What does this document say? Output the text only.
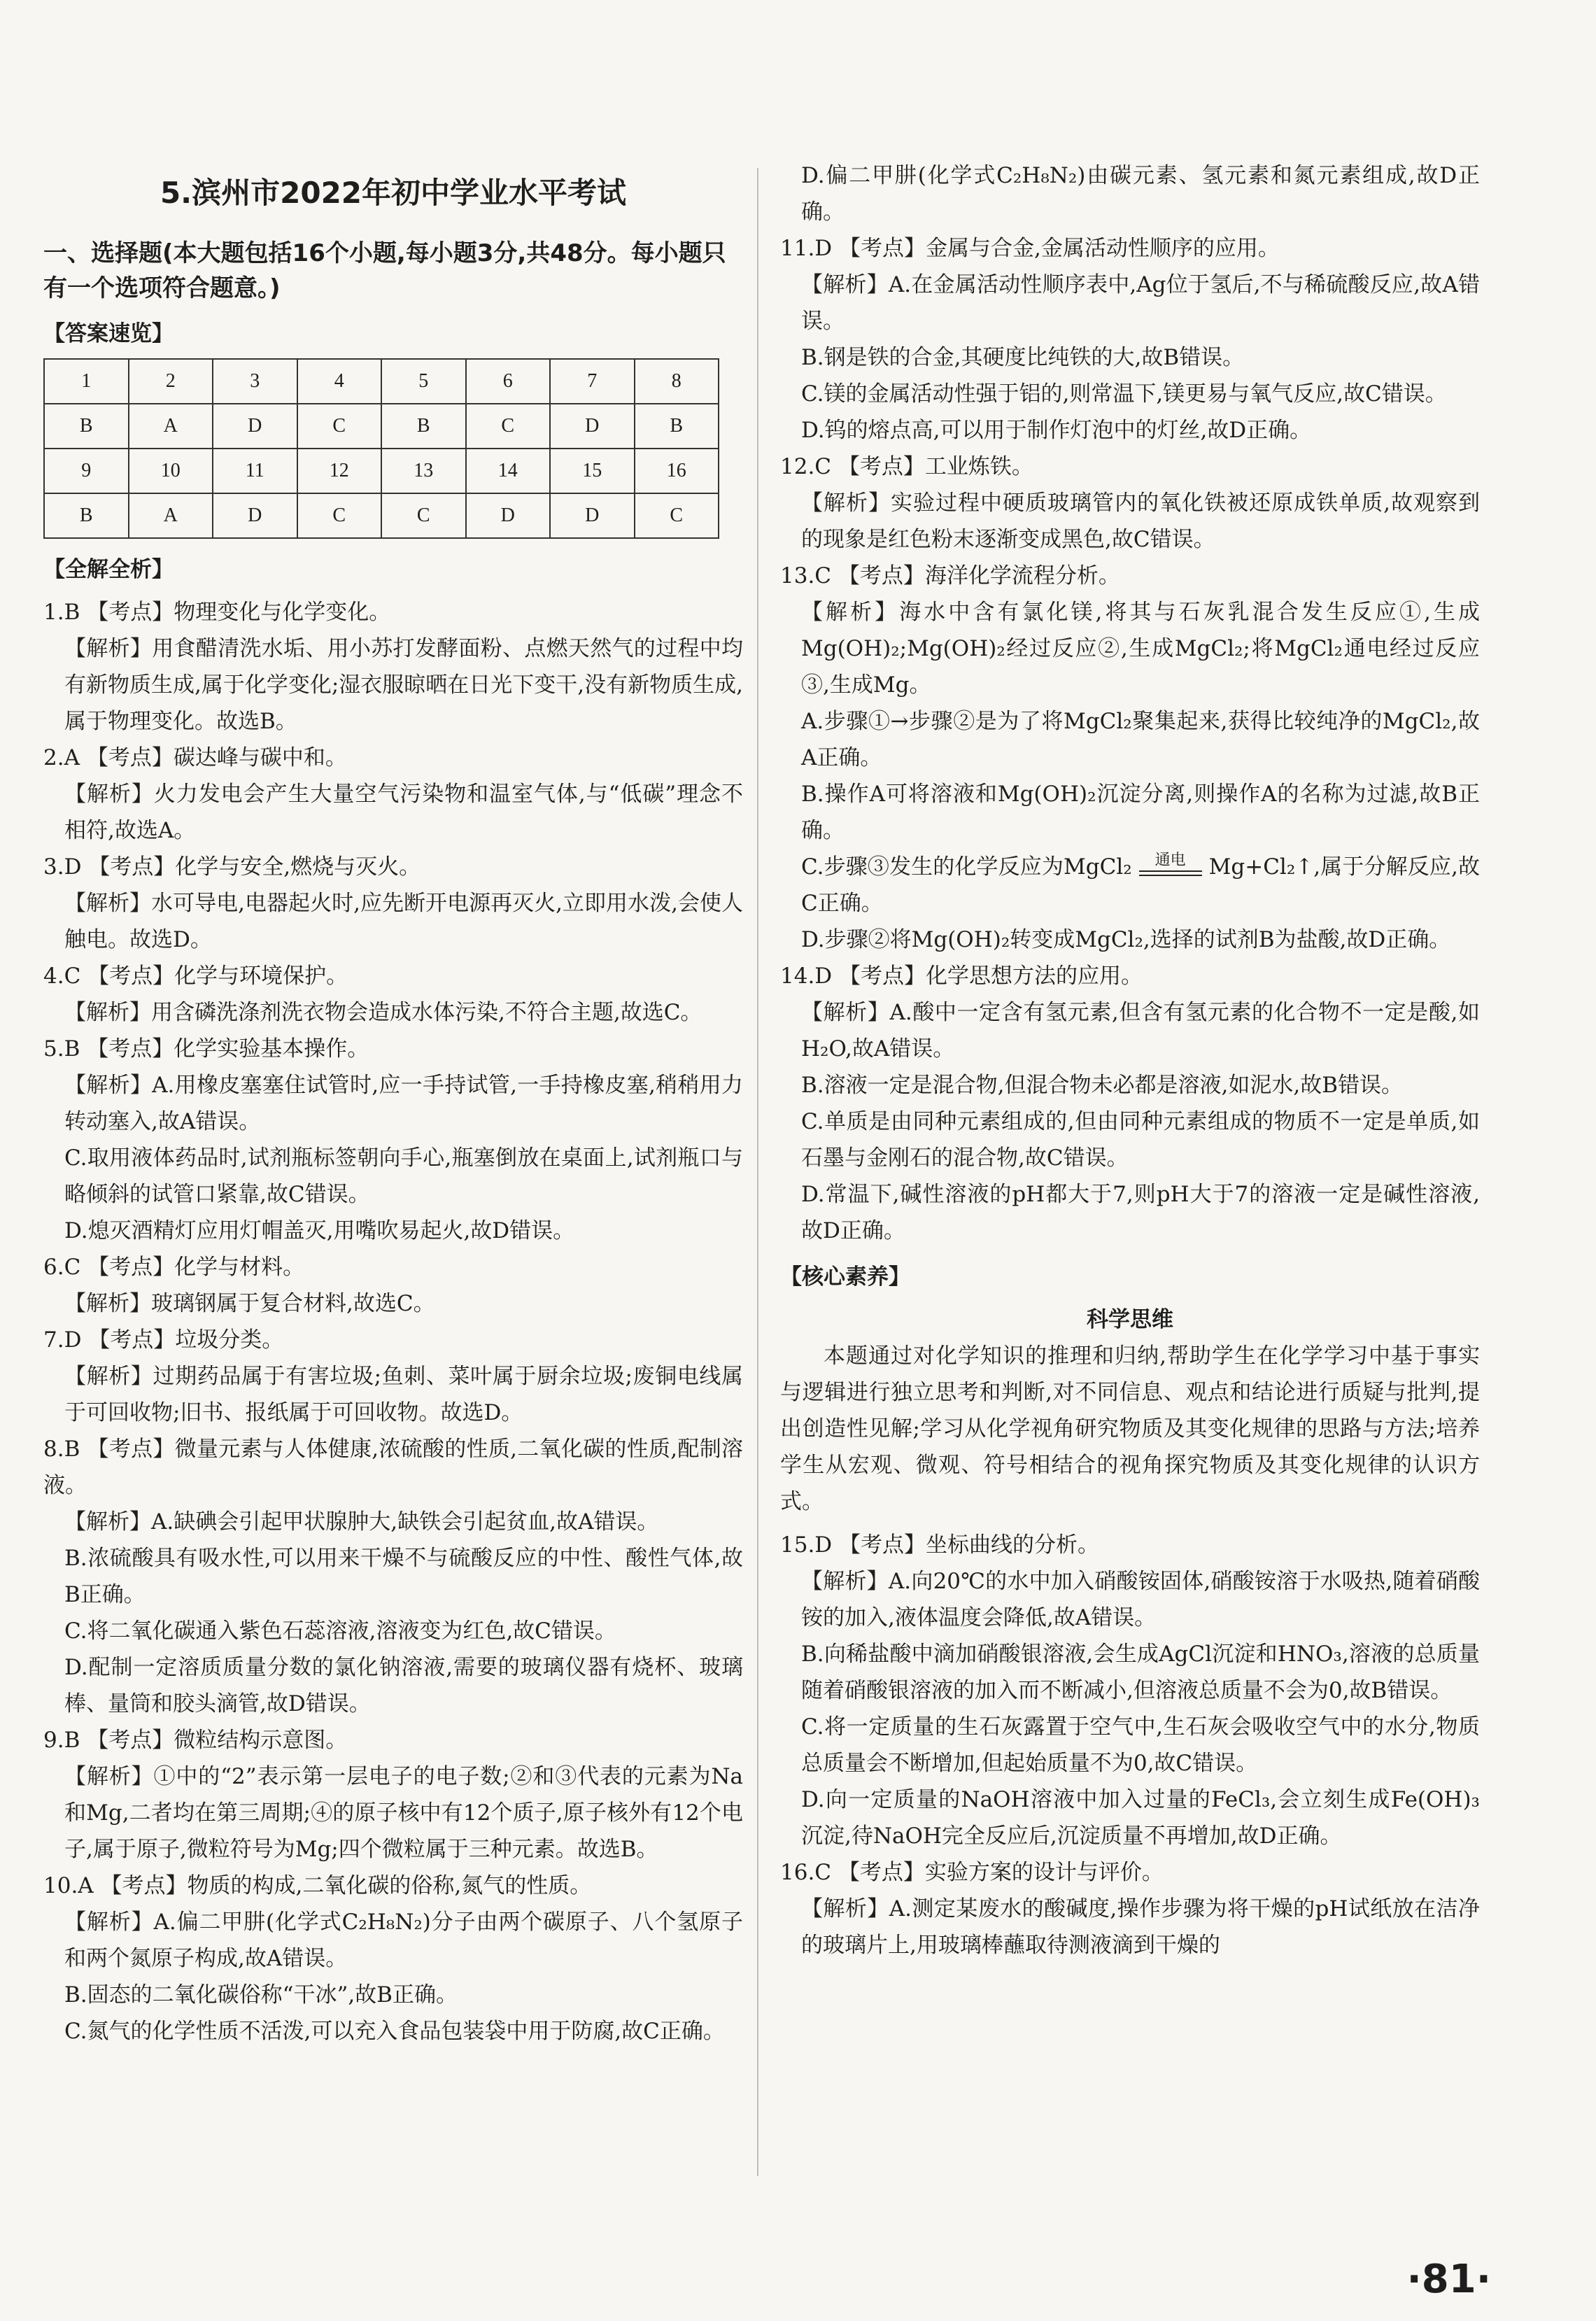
5.滨州市2022年初中学业水平考试
一、选择题(本大题包括16个小题,每小题3分,共48分。每小题只有一个选项符合题意。)
【答案速览】
1	2	3	4	5	6	7	8
B	A	D	C	B	C	D	B
9	10	11	12	13	14	15	16
B	A	D	C	C	D	D	C
【全解全析】

1.B 【考点】物理变化与化学变化。

【解析】用食醋清洗水垢、用小苏打发酵面粉、点燃天然气的过程中均有新物质生成,属于化学变化;湿衣服晾晒在日光下变干,没有新物质生成,属于物理变化。故选B。

2.A 【考点】碳达峰与碳中和。

【解析】火力发电会产生大量空气污染物和温室气体,与“低碳”理念不相符,故选A。

3.D 【考点】化学与安全,燃烧与灭火。

【解析】水可导电,电器起火时,应先断开电源再灭火,立即用水泼,会使人触电。故选D。

4.C 【考点】化学与环境保护。

【解析】用含磷洗涤剂洗衣物会造成水体污染,不符合主题,故选C。

5.B 【考点】化学实验基本操作。

【解析】A.用橡皮塞塞住试管时,应一手持试管,一手持橡皮塞,稍稍用力转动塞入,故A错误。

C.取用液体药品时,试剂瓶标签朝向手心,瓶塞倒放在桌面上,试剂瓶口与略倾斜的试管口紧靠,故C错误。

D.熄灭酒精灯应用灯帽盖灭,用嘴吹易起火,故D错误。

6.C 【考点】化学与材料。

【解析】玻璃钢属于复合材料,故选C。

7.D 【考点】垃圾分类。

【解析】过期药品属于有害垃圾;鱼刺、菜叶属于厨余垃圾;废铜电线属于可回收物;旧书、报纸属于可回收物。故选D。

8.B 【考点】微量元素与人体健康,浓硫酸的性质,二氧化碳的性质,配制溶液。

【解析】A.缺碘会引起甲状腺肿大,缺铁会引起贫血,故A错误。

B.浓硫酸具有吸水性,可以用来干燥不与硫酸反应的中性、酸性气体,故B正确。

C.将二氧化碳通入紫色石蕊溶液,溶液变为红色,故C错误。

D.配制一定溶质质量分数的氯化钠溶液,需要的玻璃仪器有烧杯、玻璃棒、量筒和胶头滴管,故D错误。

9.B 【考点】微粒结构示意图。

【解析】①中的“2”表示第一层电子的电子数;②和③代表的元素为Na和Mg,二者均在第三周期;④的原子核中有12个质子,原子核外有12个电子,属于原子,微粒符号为Mg;四个微粒属于三种元素。故选B。

10.A 【考点】物质的构成,二氧化碳的俗称,氮气的性质。

【解析】A.偏二甲肼(化学式C₂H₈N₂)分子由两个碳原子、八个氢原子和两个氮原子构成,故A错误。

B.固态的二氧化碳俗称“干冰”,故B正确。

C.氮气的化学性质不活泼,可以充入食品包装袋中用于防腐,故C正确。

D.偏二甲肼(化学式C₂H₈N₂)由碳元素、氢元素和氮元素组成,故D正确。

11.D 【考点】金属与合金,金属活动性顺序的应用。

【解析】A.在金属活动性顺序表中,Ag位于氢后,不与稀硫酸反应,故A错误。

B.钢是铁的合金,其硬度比纯铁的大,故B错误。

C.镁的金属活动性强于铝的,则常温下,镁更易与氧气反应,故C错误。

D.钨的熔点高,可以用于制作灯泡中的灯丝,故D正确。

12.C 【考点】工业炼铁。

【解析】实验过程中硬质玻璃管内的氧化铁被还原成铁单质,故观察到的现象是红色粉末逐渐变成黑色,故C错误。

13.C 【考点】海洋化学流程分析。

【解析】海水中含有氯化镁,将其与石灰乳混合发生反应①,生成Mg(OH)₂;Mg(OH)₂经过反应②,生成MgCl₂;将MgCl₂通电经过反应③,生成Mg。

A.步骤①→步骤②是为了将MgCl₂聚集起来,获得比较纯净的MgCl₂,故A正确。

B.操作A可将溶液和Mg(OH)₂沉淀分离,则操作A的名称为过滤,故B正确。

C.步骤③发生的化学反应为MgCl₂ 通电 Mg+Cl₂↑,属于分解反应,故C正确。

D.步骤②将Mg(OH)₂转变成MgCl₂,选择的试剂B为盐酸,故D正确。

14.D 【考点】化学思想方法的应用。

【解析】A.酸中一定含有氢元素,但含有氢元素的化合物不一定是酸,如H₂O,故A错误。

B.溶液一定是混合物,但混合物未必都是溶液,如泥水,故B错误。

C.单质是由同种元素组成的,但由同种元素组成的物质不一定是单质,如石墨与金刚石的混合物,故C错误。

D.常温下,碱性溶液的pH都大于7,则pH大于7的溶液一定是碱性溶液,故D正确。

【核心素养】

科学思维

本题通过对化学知识的推理和归纳,帮助学生在化学学习中基于事实与逻辑进行独立思考和判断,对不同信息、观点和结论进行质疑与批判,提出创造性见解;学习从化学视角研究物质及其变化规律的思路与方法;培养学生从宏观、微观、符号相结合的视角探究物质及其变化规律的认识方式。

15.D 【考点】坐标曲线的分析。

【解析】A.向20℃的水中加入硝酸铵固体,硝酸铵溶于水吸热,随着硝酸铵的加入,液体温度会降低,故A错误。

B.向稀盐酸中滴加硝酸银溶液,会生成AgCl沉淀和HNO₃,溶液的总质量随着硝酸银溶液的加入而不断减小,但溶液总质量不会为0,故B错误。

C.将一定质量的生石灰露置于空气中,生石灰会吸收空气中的水分,物质总质量会不断增加,但起始质量不为0,故C错误。

D.向一定质量的NaOH溶液中加入过量的FeCl₃,会立刻生成Fe(OH)₃沉淀,待NaOH完全反应后,沉淀质量不再增加,故D正确。

16.C 【考点】实验方案的设计与评价。

【解析】A.测定某废水的酸碱度,操作步骤为将干燥的pH试纸放在洁净的玻璃片上,用玻璃棒蘸取待测液滴到干燥的

·81·
